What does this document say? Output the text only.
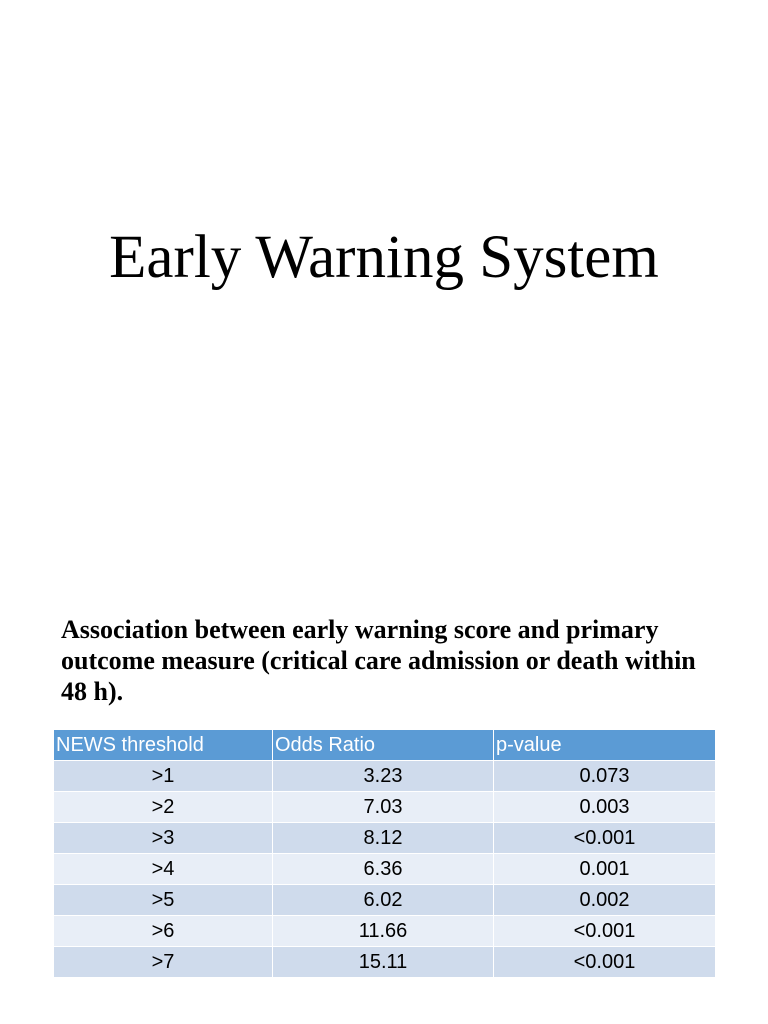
Early Warning System
Association between early warning score and primary outcome measure (critical care admission or death within 48 h).
NEWS threshold	Odds Ratio	p-value
>1	3.23	0.073
>2	7.03	0.003
>3	8.12	<0.001
>4	6.36	0.001
>5	6.02	0.002
>6	11.66	<0.001
>7	15.11	<0.001
